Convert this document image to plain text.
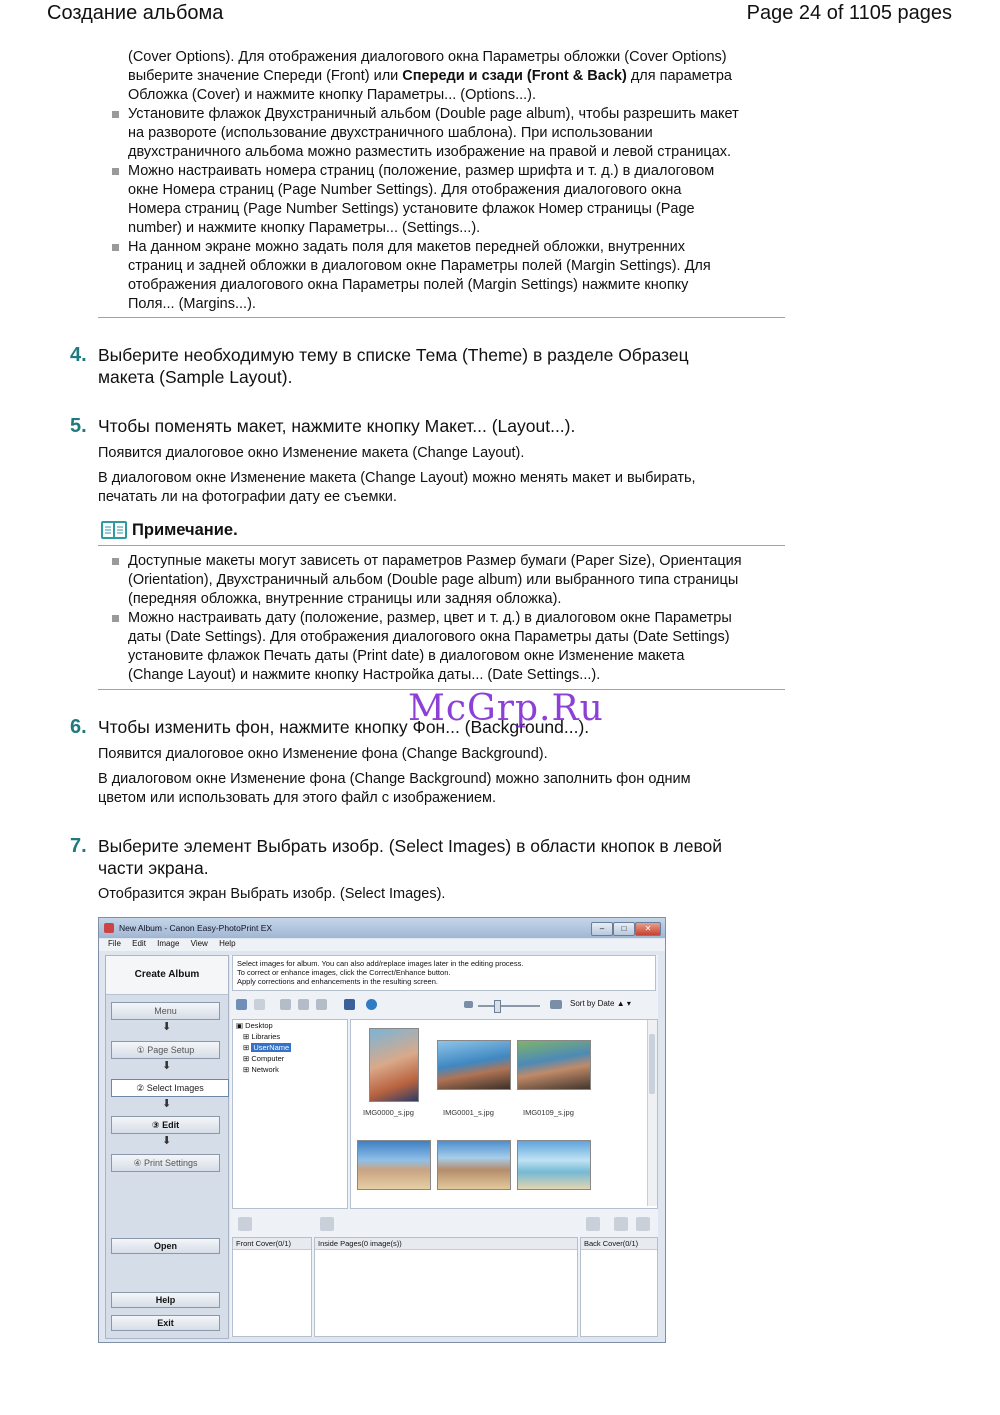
Создание альбома	Page 24 of 1105 pages
(Cover Options). Для отображения диалогового окна Параметры обложки (Cover Options)
выберите значение Спереди (Front) или Спереди и сзади (Front & Back) для параметра
Обложка (Cover) и нажмите кнопку Параметры... (Options...).
Установите флажок Двухстраничный альбом (Double page album), чтобы разрешить макет
на развороте (использование двухстраничного шаблона). При использовании
двухстраничного альбома можно разместить изображение на правой и левой страницах.
Можно настраивать номера страниц (положение, размер шрифта и т. д.) в диалоговом
окне Номера страниц (Page Number Settings). Для отображения диалогового окна
Номера страниц (Page Number Settings) установите флажок Номер страницы (Page
number) и нажмите кнопку Параметры... (Settings...).
На данном экране можно задать поля для макетов передней обложки, внутренних
страниц и задней обложки в диалоговом окне Параметры полей (Margin Settings). Для
отображения диалогового окна Параметры полей (Margin Settings) нажмите кнопку
Поля... (Margins...).
4. Выберите необходимую тему в списке Тема (Theme) в разделе Образец
макета (Sample Layout).
5. Чтобы поменять макет, нажмите кнопку Макет... (Layout...).
Появится диалоговое окно Изменение макета (Change Layout).
В диалоговом окне Изменение макета (Change Layout) можно менять макет и выбирать,
печатать ли на фотографии дату ее съемки.
Примечание.
Доступные макеты могут зависеть от параметров Размер бумаги (Paper Size), Ориентация
(Orientation), Двухстраничный альбом (Double page album) или выбранного типа страницы
(передняя обложка, внутренние страницы или задняя обложка).
Можно настраивать дату (положение, размер, цвет и т. д.) в диалоговом окне Параметры
даты (Date Settings). Для отображения диалогового окна Параметры даты (Date Settings)
установите флажок Печать даты (Print date) в диалоговом окне Изменение макета
(Change Layout) и нажмите кнопку Настройка даты... (Date Settings...).
6. Чтобы изменить фон, нажмите кнопку Фон... (Background...).
McGrp.Ru
Появится диалоговое окно Изменение фона (Change Background).
В диалоговом окне Изменение фона (Change Background) можно заполнить фон одним
цветом или использовать для этого файл с изображением.
7. Выберите элемент Выбрать изобр. (Select Images) в области кнопок в левой
части экрана.
Отобразится экран Выбрать изобр. (Select Images).
New Album - Canon Easy-PhotoPrint EX	–	□	✕
File Edit Image View Help
Create Album
Menu
⬇
① Page Setup
⬇
② Select Images
⬇
③ Edit
⬇
④ Print Settings
Open
Help
Exit
Select images for album. You can also add/replace images later in the editing process.
To correct or enhance images, click the Correct/Enhance button.
Apply corrections and enhancements in the resulting screen.
Sort by Date ▲ ▾
▣ Desktop
⊞ Libraries
⊞ UserName
⊞ Computer
⊞ Network
IMG0000_s.jpg	IMG0001_s.jpg	IMG0109_s.jpg
Front Cover(0/1)	Inside Pages(0 image(s))	Back Cover(0/1)
